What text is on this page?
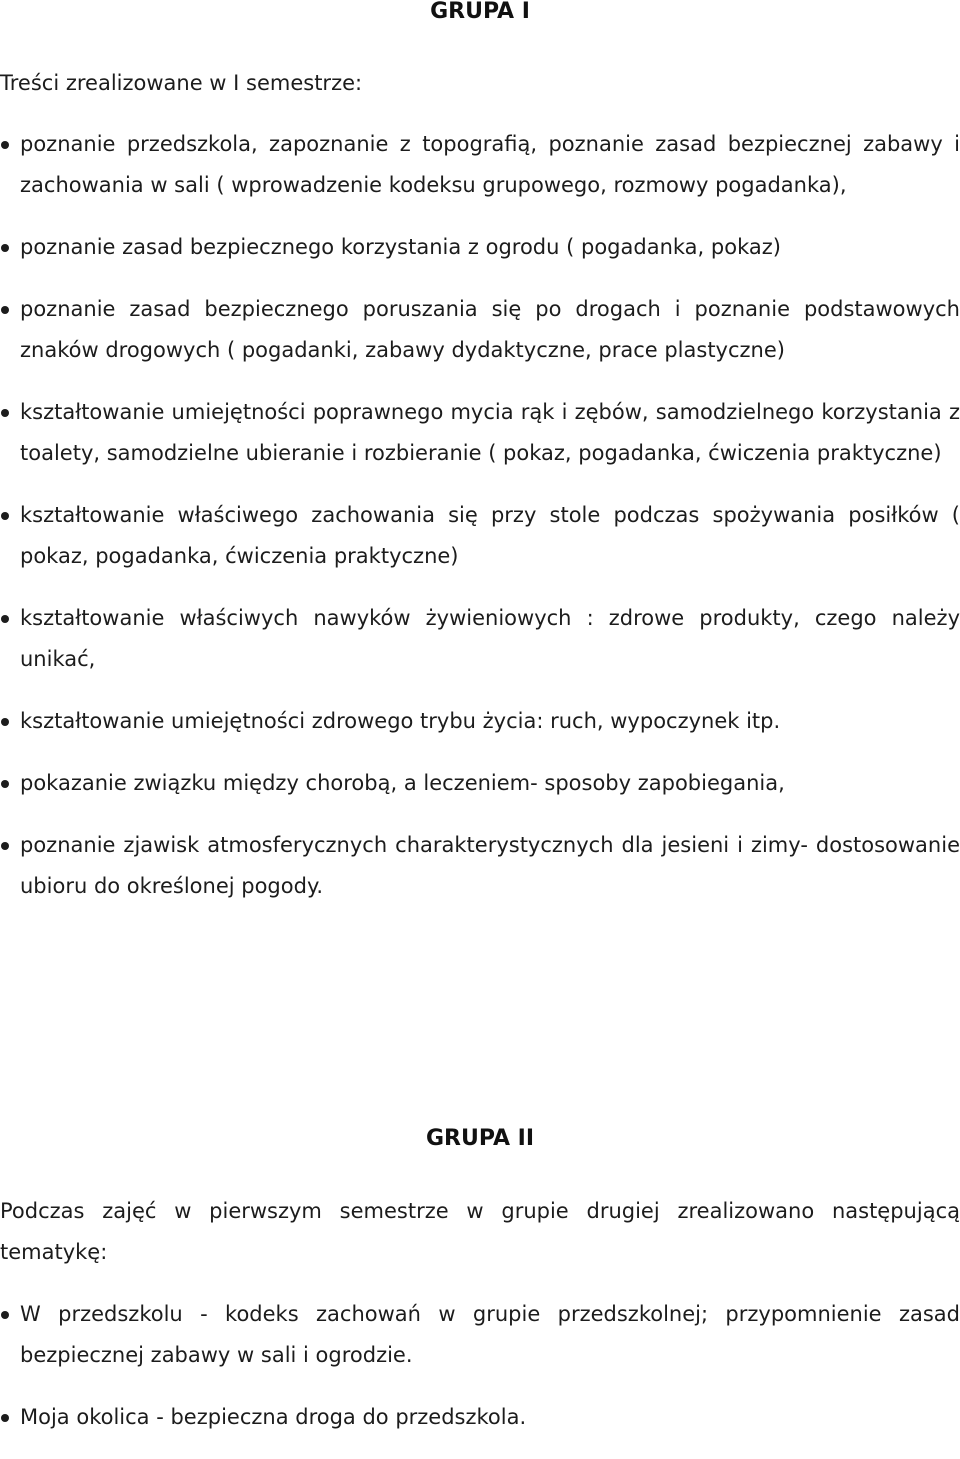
GRUPA I

Treści zrealizowane w I semestrze:

poznanie przedszkola, zapoznanie z topografią, poznanie zasad bezpiecznej zabawy i zachowania w sali ( wprowadzenie kodeksu grupowego, rozmowy pogadanka),
poznanie zasad bezpiecznego korzystania z ogrodu ( pogadanka, pokaz)
poznanie zasad bezpiecznego poruszania się po drogach i poznanie podstawowych znaków drogowych ( pogadanki, zabawy dydaktyczne, prace plastyczne)
kształtowanie umiejętności poprawnego mycia rąk i zębów, samodzielnego korzystania z toalety, samodzielne ubieranie i rozbieranie ( pokaz, pogadanka, ćwiczenia praktyczne)
kształtowanie właściwego zachowania się przy stole podczas spożywania posiłków ( pokaz, pogadanka, ćwiczenia praktyczne)
kształtowanie właściwych nawyków żywieniowych : zdrowe produkty, czego należy unikać,
kształtowanie umiejętności zdrowego trybu życia: ruch, wypoczynek itp.
pokazanie związku między chorobą, a leczeniem- sposoby zapobiegania,
poznanie zjawisk atmosferycznych charakterystycznych dla jesieni i zimy- dostosowanie ubioru do określonej pogody.
GRUPA II

Podczas zajęć w pierwszym semestrze w grupie drugiej zrealizowano następującą tematykę:

W przedszkolu - kodeks zachowań w grupie przedszkolnej; przypomnienie zasad bezpiecznej zabawy w sali i ogrodzie.
Moja okolica - bezpieczna droga do przedszkola.
